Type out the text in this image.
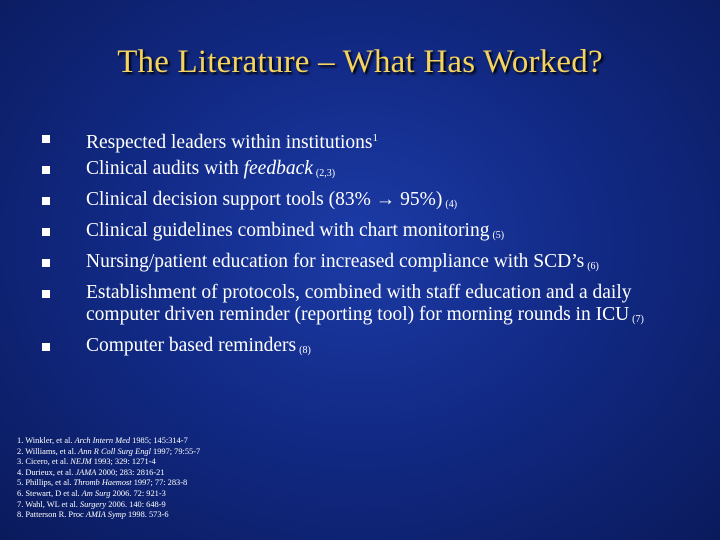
The Literature – What Has Worked?
Respected leaders within institutions$^1$
Clinical audits with feedback $_{(2,3)}$
Clinical decision support tools (83% → 95%) $_{(4)}$
Clinical guidelines combined with chart monitoring $_{(5)}$
Nursing/patient education for increased compliance with SCD’s $_{(6)}$
Establishment of protocols, combined with staff education and a daily computer driven reminder (reporting tool) for morning rounds in ICU $_{(7)}$
Computer based reminders $_{(8)}$
1. Winkler, et al. Arch Intern Med 1985; 145:314-7
2. Williams, et al. Ann R Coll Surg Engl 1997; 79:55-7
3. Cicero, et al. NEJM 1993; 329: 1271-4
4. Durieux, et al. JAMA 2000; 283: 2816-21
5. Phillips, et al. Thromb Haemost 1997; 77: 283-8
6. Stewart, D et al. Am Surg 2006. 72: 921-3
7. Wahl, WL et al. Surgery 2006. 140: 648-9
8. Patterson R. Proc AMIA Symp 1998. 573-6
